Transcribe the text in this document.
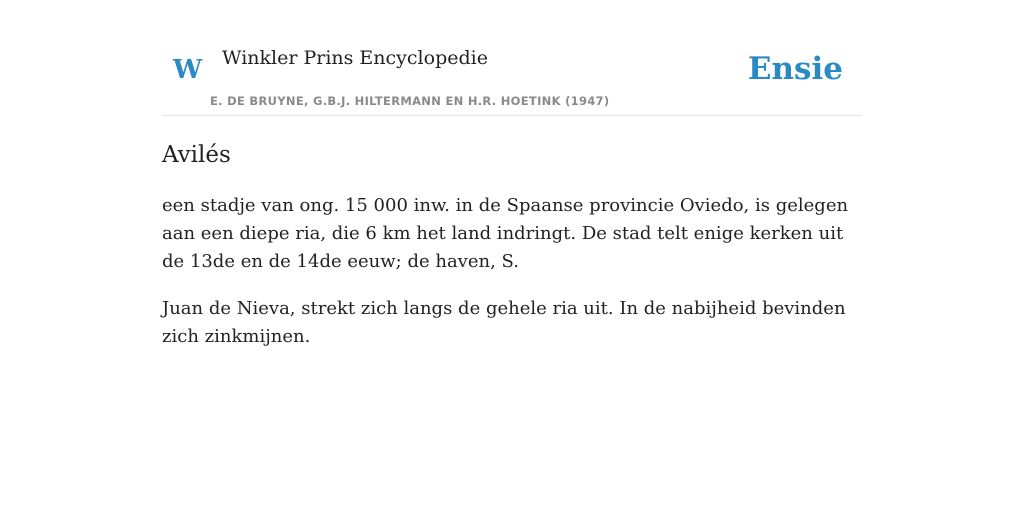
W Winkler Prins Encyclopedie
E. DE BRUYNE, G.B.J. HILTERMANN EN H.R. HOETINK (1947)
Ensie
Avilés

een stadje van ong. 15 000 inw. in de Spaanse provincie Oviedo, is gelegen aan een diepe ria, die 6 km het land indringt. De stad telt enige kerken uit de 13de en de 14de eeuw; de haven, S.

Juan de Nieva, strekt zich langs de gehele ria uit. In de nabijheid bevinden zich zinkmijnen.
